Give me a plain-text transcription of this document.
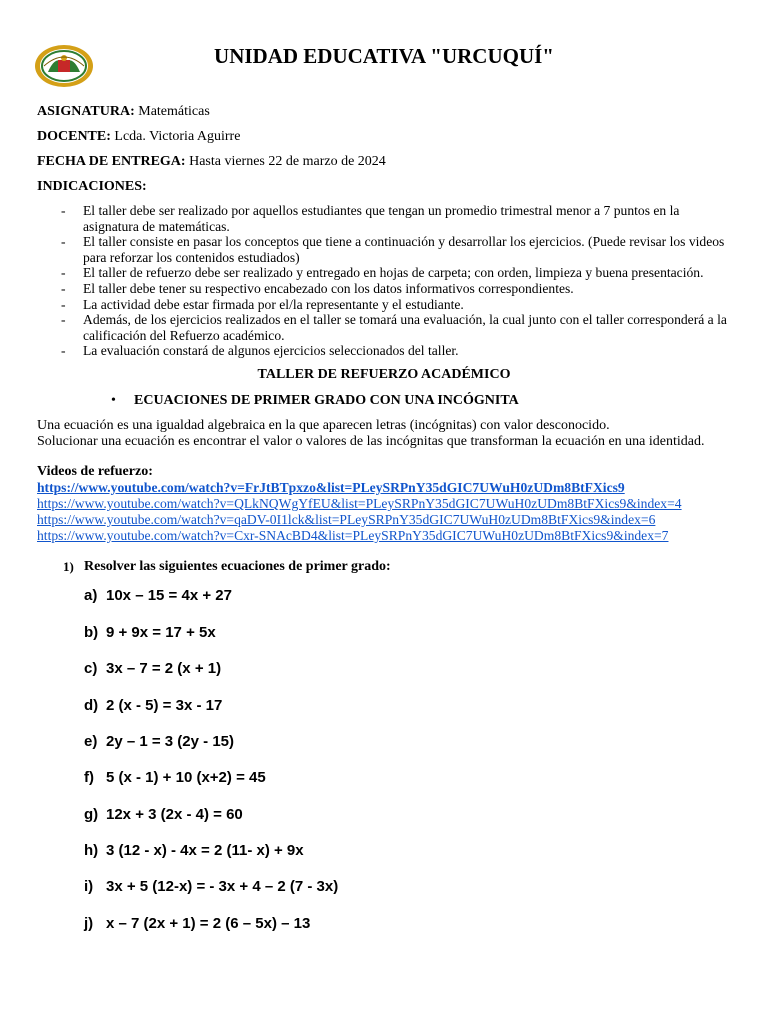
UNIDAD EDUCATIVA "URCUQUÍ"

ASIGNATURA: Matemáticas

DOCENTE: Lcda. Victoria Aguirre

FECHA DE ENTREGA: Hasta viernes 22 de marzo de 2024

INDICACIONES:

- El taller debe ser realizado por aquellos estudiantes que tengan un promedio trimestral menor a 7 puntos en la asignatura de matemáticas.
- El taller consiste en pasar los conceptos que tiene a continuación y desarrollar los ejercicios. (Puede revisar los videos para reforzar los contenidos estudiados)
- El taller de refuerzo debe ser realizado y entregado en hojas de carpeta; con orden, limpieza y buena presentación.
- El taller debe tener su respectivo encabezado con los datos informativos correspondientes.
- La actividad debe estar firmada por el/la representante y el estudiante.
- Además, de los ejercicios realizados en el taller se tomará una evaluación, la cual junto con el taller corresponderá a la calificación del Refuerzo académico.
- La evaluación constará de algunos ejercicios seleccionados del taller.
TALLER DE REFUERZO ACADÉMICO
• ECUACIONES DE PRIMER GRADO CON UNA INCÓGNITA

Una ecuación es una igualdad algebraica en la que aparecen letras (incógnitas) con valor desconocido.

Solucionar una ecuación es encontrar el valor o valores de las incógnitas que transforman la ecuación en una identidad.

Videos de refuerzo:

https://www.youtube.com/watch?v=FrJtBTpxzo&list=PLeySRPnY35dGIC7UWuH0zUDm8BtFXics9
https://www.youtube.com/watch?v=QLkNQWgYfEU&list=PLeySRPnY35dGIC7UWuH0zUDm8BtFXics9&index=4
https://www.youtube.com/watch?v=qaDV-0I1lck&list=PLeySRPnY35dGIC7UWuH0zUDm8BtFXics9&index=6
https://www.youtube.com/watch?v=Cxr-SNAcBD4&list=PLeySRPnY35dGIC7UWuH0zUDm8BtFXics9&index=7
1) Resolver las siguientes ecuaciones de primer grado:
a) 10x – 15 = 4x + 27
b) 9 + 9x = 17 + 5x
c) 3x – 7 = 2 (x + 1)
d) 2 (x - 5) = 3x - 17
e) 2y – 1 = 3 (2y - 15)
f) 5 (x - 1) + 10 (x+2) = 45
g) 12x + 3 (2x - 4) = 60
h) 3 (12 - x) - 4x = 2 (11- x) + 9x
i) 3x + 5 (12-x) = - 3x + 4 – 2 (7 - 3x)
j) x – 7 (2x + 1) = 2 (6 – 5x) – 13
